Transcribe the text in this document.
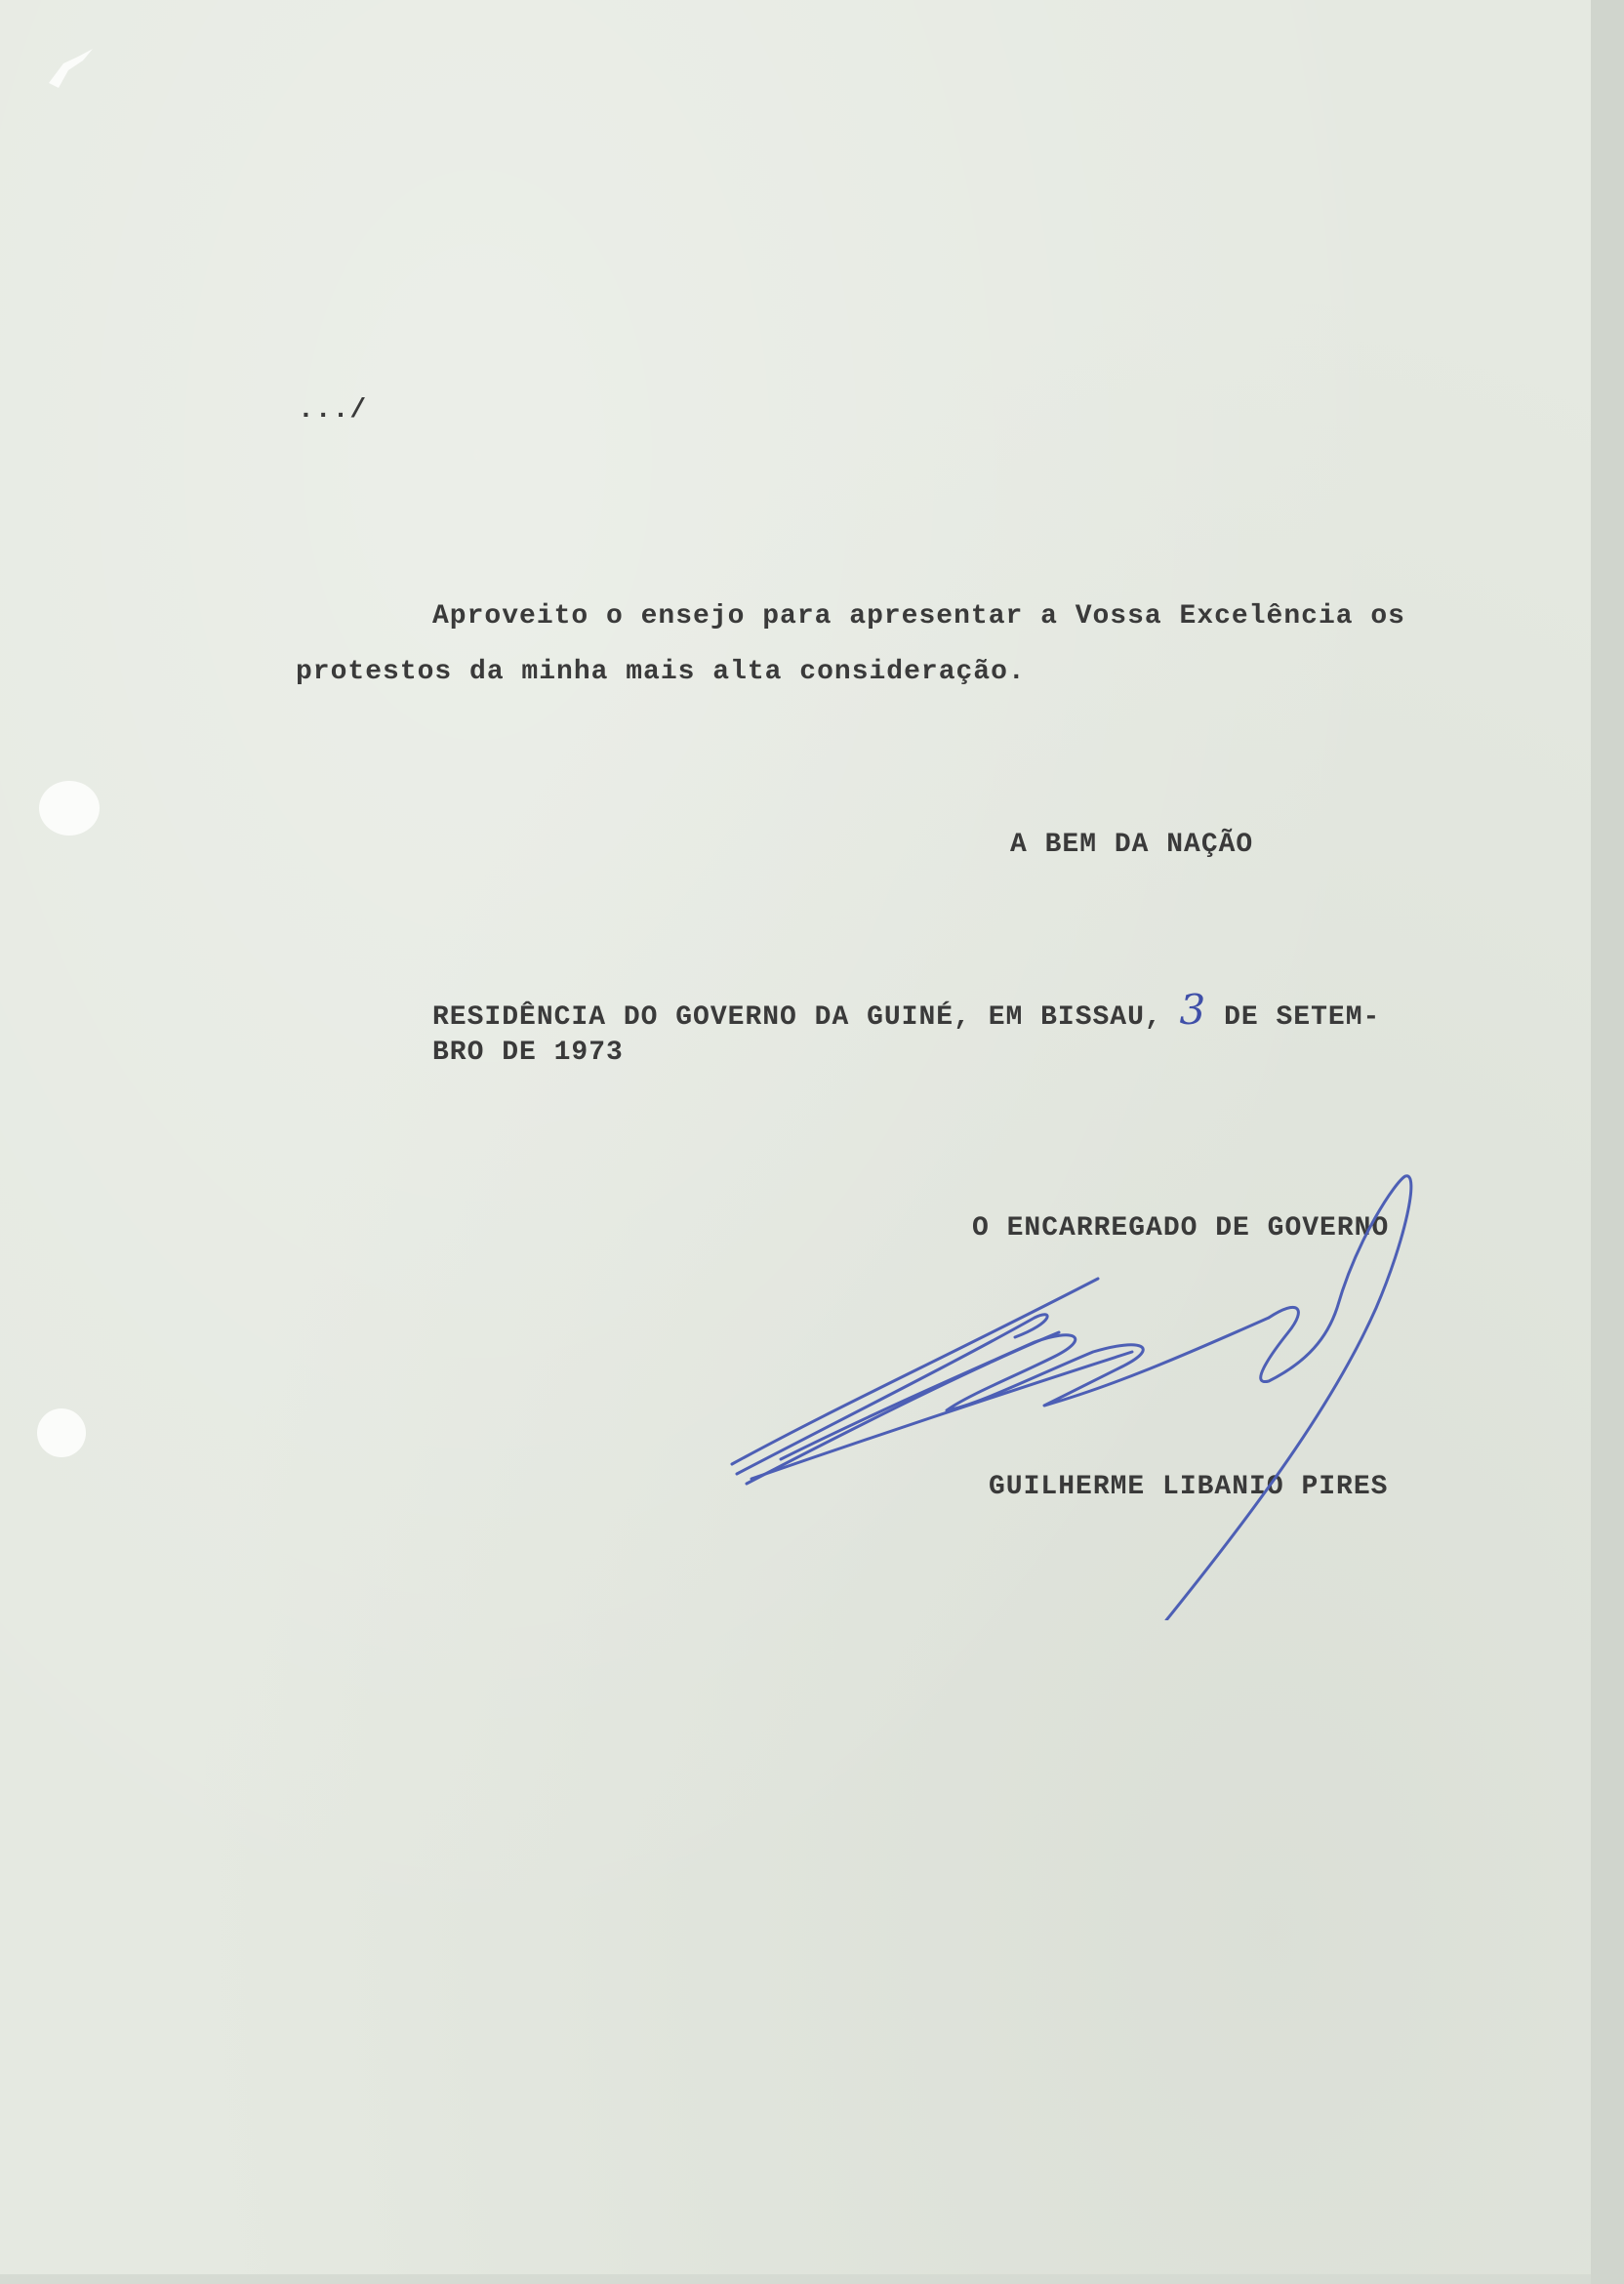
.../
Aproveito o ensejo para apresentar a Vossa Excelência os
protestos da minha mais alta consideração.
A BEM DA NAÇÃO
RESIDÊNCIA DO GOVERNO DA GUINÉ, EM BISSAU, 3 DE SETEM-
BRO DE 1973
O ENCARREGADO DE GOVERNO
GUILHERME LIBANIO PIRES
